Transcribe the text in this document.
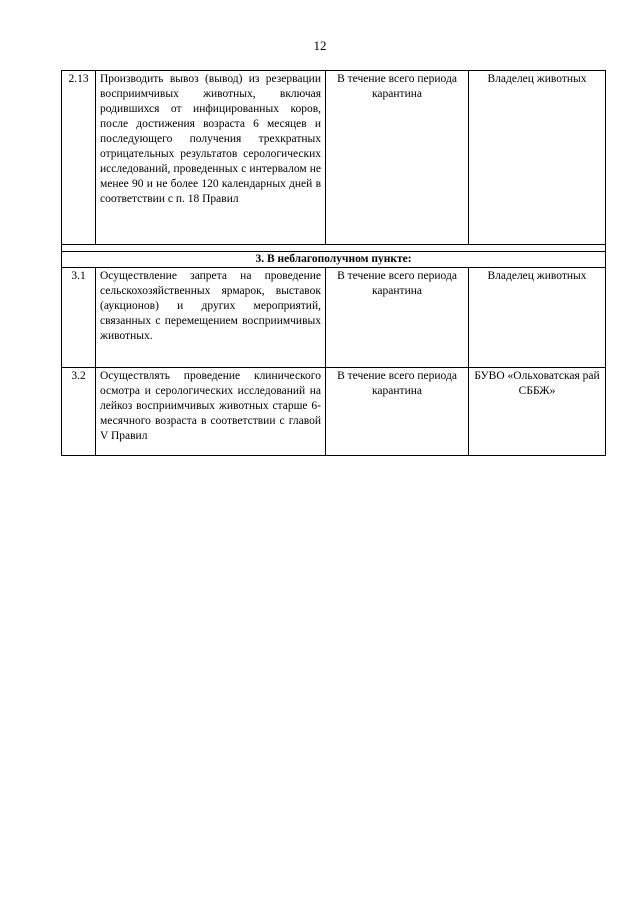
12
2.13	Производить вывоз (вывод) из резервации восприимчивых животных, включая родившихся от инфицированных коров, после достижения возраста 6 месяцев и последующего получения трехкратных отрицательных результатов серологических исследований, проведенных с интервалом не менее 90 и не более 120 календарных дней в соответствии с п. 18 Правил	В течение всего периода карантина	Владелец животных

3. В неблагополучном пункте:			
3.1	Осуществление запрета на проведение сельскохозяйственных ярмарок, выставок (аукционов) и других мероприятий, связанных с перемещением восприимчивых животных.	В течение всего периода карантина	Владелец животных
3.2	Осуществлять проведение клинического осмотра и серологических исследований на лейкоз восприимчивых животных старше 6-месячного возраста в соответствии с главой V Правил	В течение всего периода карантина	БУВО «Ольховатская рай СББЖ»
